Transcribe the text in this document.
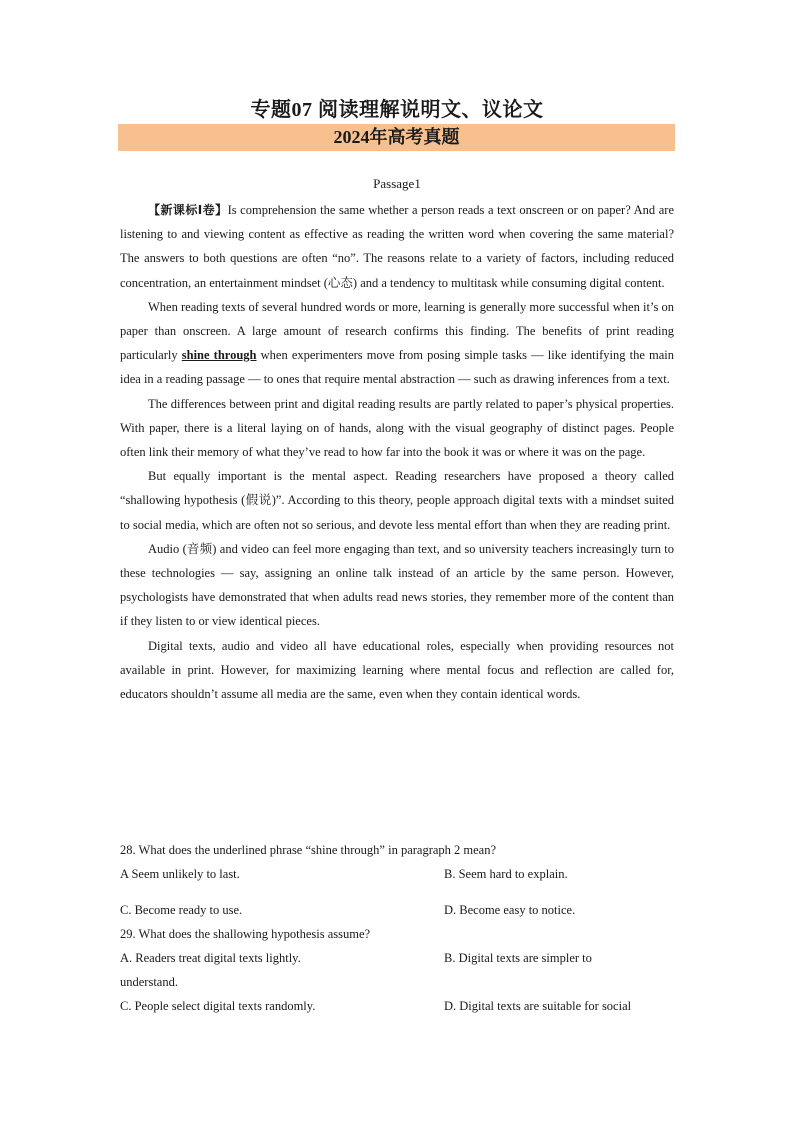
专题07 阅读理解说明文、议论文
2024年高考真题
Passage1

【新课标Ⅰ卷】Is comprehension the same whether a person reads a text onscreen or on paper? And are listening to and viewing content as effective as reading the written word when covering the same material? The answers to both questions are often “no”. The reasons relate to a variety of factors, including reduced concentration, an entertainment mindset (心态) and a tendency to multitask while consuming digital content.

When reading texts of several hundred words or more, learning is generally more successful when it’s on paper than onscreen. A large amount of research confirms this finding. The benefits of print reading particularly shine through when experimenters move from posing simple tasks — like identifying the main idea in a reading passage — to ones that require mental abstraction — such as drawing inferences from a text.

The differences between print and digital reading results are partly related to paper’s physical properties. With paper, there is a literal laying on of hands, along with the visual geography of distinct pages. People often link their memory of what they’ve read to how far into the book it was or where it was on the page.

But equally important is the mental aspect. Reading researchers have proposed a theory called “shallowing hypothesis (假说)”. According to this theory, people approach digital texts with a mindset suited to social media, which are often not so serious, and devote less mental effort than when they are reading print.

Audio (音频) and video can feel more engaging than text, and so university teachers increasingly turn to these technologies — say, assigning an online talk instead of an article by the same person. However, psychologists have demonstrated that when adults read news stories, they remember more of the content than if they listen to or view identical pieces.

Digital texts, audio and video all have educational roles, especially when providing resources not available in print. However, for maximizing learning where mental focus and reflection are called for, educators shouldn’t assume all media are the same, even when they contain identical words.

28. What does the underlined phrase “shine through” in paragraph 2 mean?

A Seem unlikely to last.	B. Seem hard to explain.
C. Become ready to use.	D. Become easy to notice.

29. What does the shallowing hypothesis assume?

A. Readers treat digital texts lightly.	B. Digital texts are simpler to

understand.

C. People select digital texts randomly.	D. Digital texts are suitable for social
